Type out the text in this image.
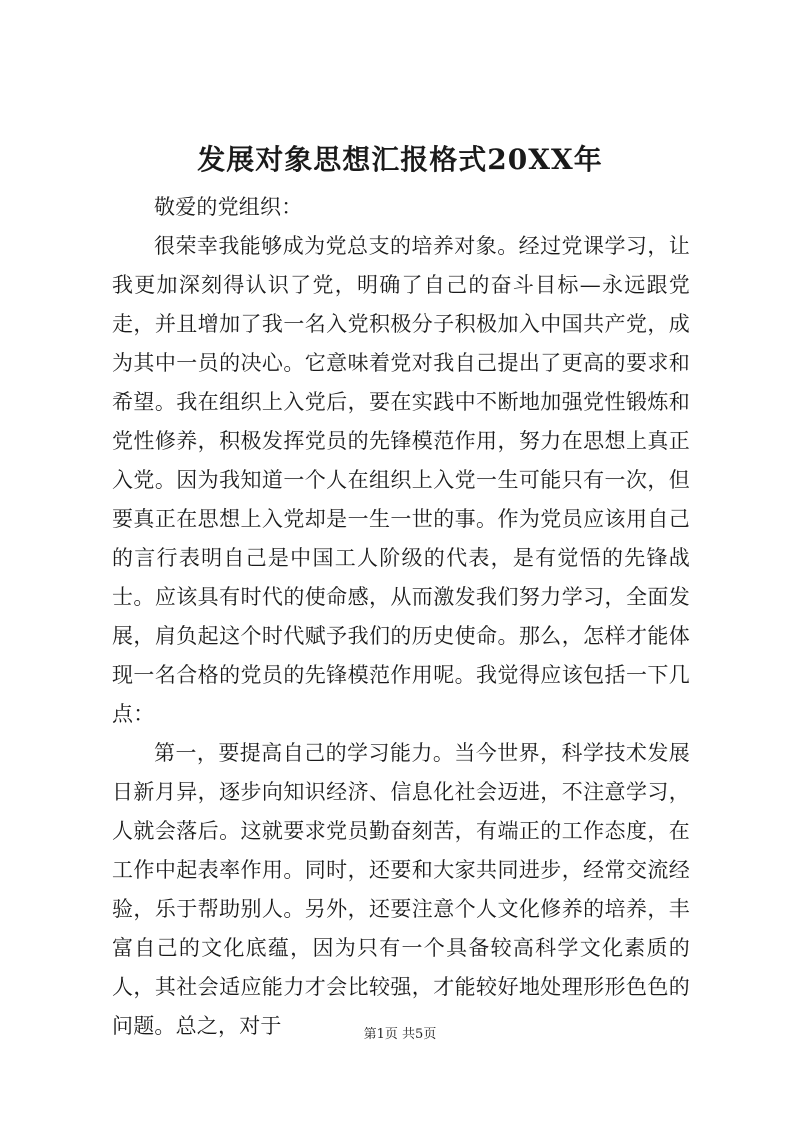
发展对象思想汇报格式20XX年

敬爱的党组织：

很荣幸我能够成为党总支的培养对象。经过党课学习，让我更加深刻得认识了党，明确了自己的奋斗目标—永远跟党走，并且增加了我一名入党积极分子积极加入中国共产党，成为其中一员的决心。它意味着党对我自己提出了更高的要求和希望。我在组织上入党后，要在实践中不断地加强党性锻炼和党性修养，积极发挥党员的先锋模范作用，努力在思想上真正入党。因为我知道一个人在组织上入党一生可能只有一次，但要真正在思想上入党却是一生一世的事。作为党员应该用自己的言行表明自己是中国工人阶级的代表，是有觉悟的先锋战士。应该具有时代的使命感，从而激发我们努力学习，全面发展，肩负起这个时代赋予我们的历史使命。那么，怎样才能体现一名合格的党员的先锋模范作用呢。我觉得应该包括一下几点：

第一，要提高自己的学习能力。当今世界，科学技术发展日新月异，逐步向知识经济、信息化社会迈进，不注意学习，人就会落后。这就要求党员勤奋刻苦，有端正的工作态度，在工作中起表率作用。同时，还要和大家共同进步，经常交流经验，乐于帮助别人。另外，还要注意个人文化修养的培养，丰富自己的文化底蕴，因为只有一个具备较高科学文化素质的人，其社会适应能力才会比较强，才能较好地处理形形色色的问题。总之，对于	第1页 共5页
